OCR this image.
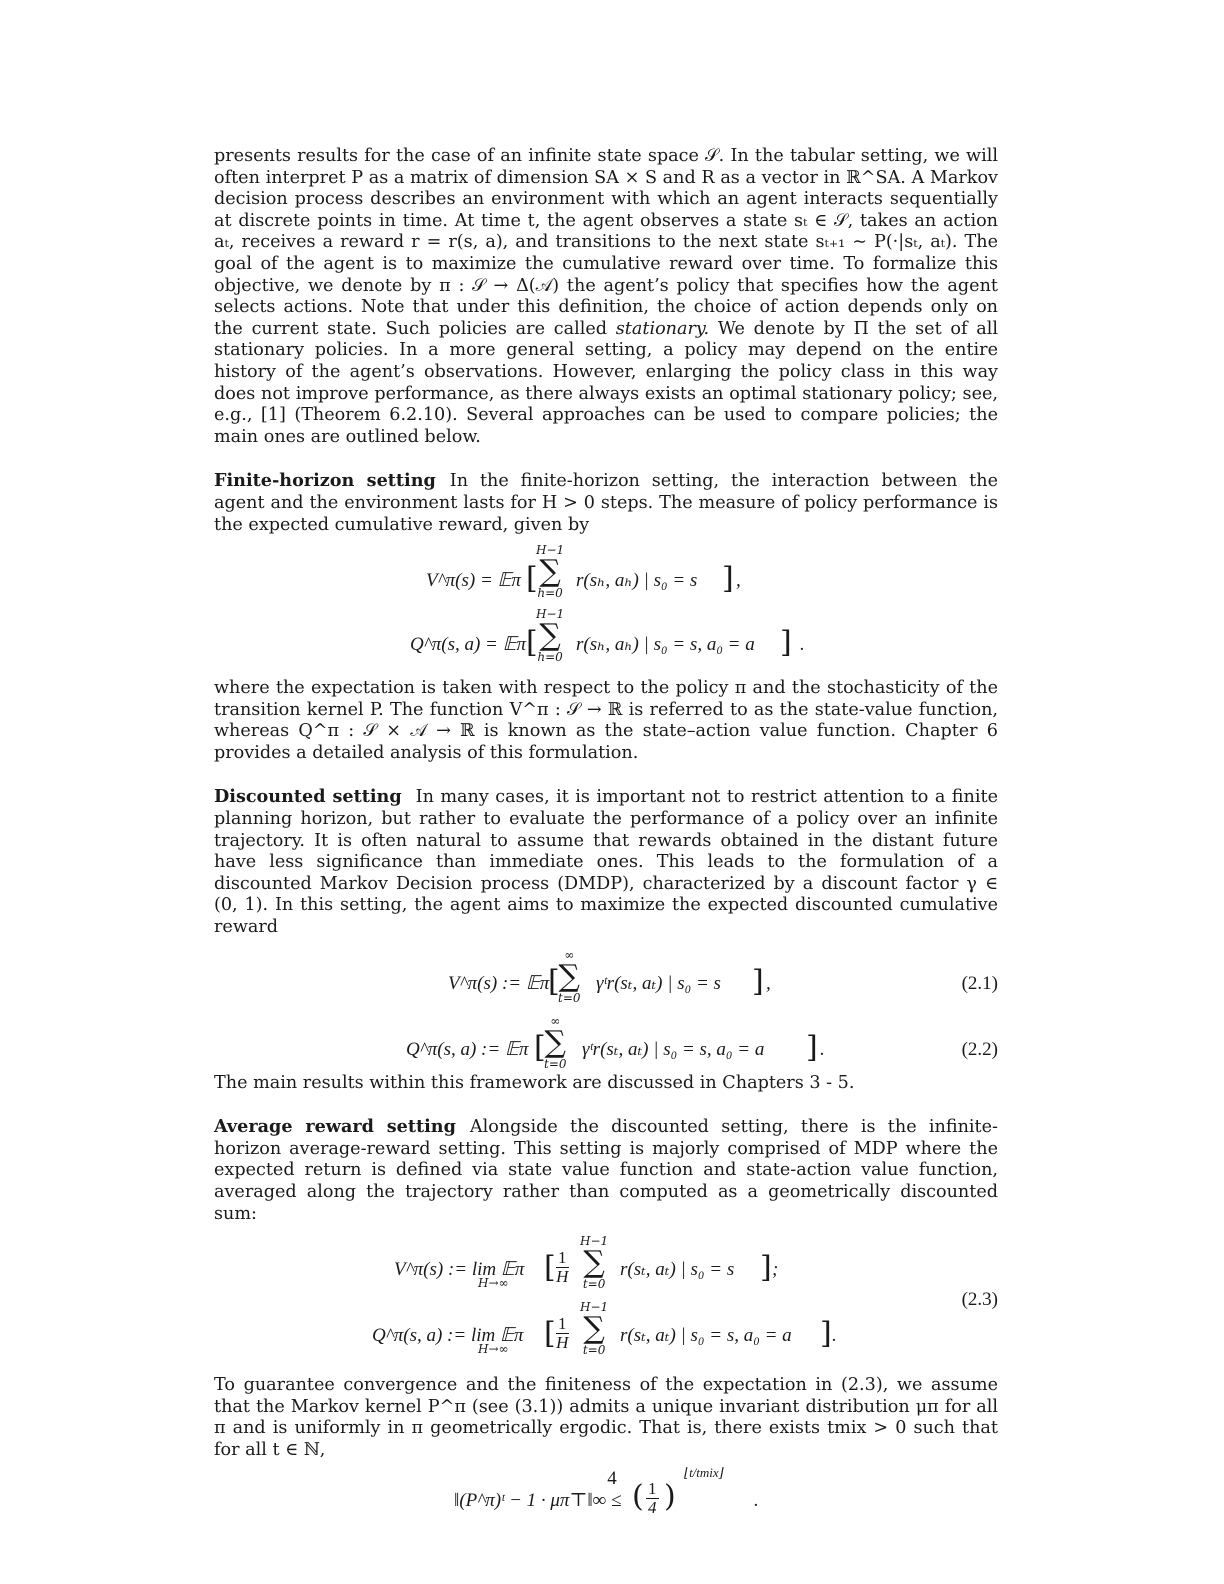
presents results for the case of an infinite state space 𝒮. In the tabular setting, we will often interpret P as a matrix of dimension SA × S and R as a vector in ℝ^SA. A Markov decision process describes an environment with which an agent interacts sequentially at discrete points in time. At time t, the agent observes a state sₜ ∈ 𝒮, takes an action aₜ, receives a reward r = r(s, a), and transitions to the next state sₜ₊₁ ∼ P(·|sₜ, aₜ). The goal of the agent is to maximize the cumulative reward over time. To formalize this objective, we denote by π : 𝒮 → Δ(𝒜) the agent’s policy that specifies how the agent selects actions. Note that under this definition, the choice of action depends only on the current state. Such policies are called stationary. We denote by Π the set of all stationary policies. In a more general setting, a policy may depend on the entire history of the agent’s observations. However, enlarging the policy class in this way does not improve performance, as there always exists an optimal stationary policy; see, e.g., [1] (Theorem 6.2.10). Several approaches can be used to compare policies; the main ones are outlined below.

Finite-horizon setting In the finite-horizon setting, the interaction between the agent and the environment lasts for H > 0 steps. The measure of policy performance is the expected cumulative reward, given by

V^π(s) = 𝔼π
H−1
∑
h=0
[ r(sₕ, aₕ) | s₀ = s ] ,
Q^π(s, a) = 𝔼π
H−1
∑
h=0
[ r(sₕ, aₕ) | s₀ = s, a₀ = a ] .

where the expectation is taken with respect to the policy π and the stochasticity of the transition kernel P. The function V^π : 𝒮 → ℝ is referred to as the state-value function, whereas Q^π : 𝒮 × 𝒜 → ℝ is known as the state–action value function. Chapter 6 provides a detailed analysis of this formulation.

Discounted setting In many cases, it is important not to restrict attention to a finite planning horizon, but rather to evaluate the performance of a policy over an infinite trajectory. It is often natural to assume that rewards obtained in the distant future have less significance than immediate ones. This leads to the formulation of a discounted Markov Decision process (DMDP), characterized by a discount factor γ ∈ (0, 1). In this setting, the agent aims to maximize the expected discounted cumulative reward

V^π(s) := 𝔼π
∞
∑
t=0
[ γᵗr(sₜ, aₜ) | s₀ = s ] ,	(2.1)
Q^π(s, a) := 𝔼π
∞
∑
t=0
[ γᵗr(sₜ, aₜ) | s₀ = s, a₀ = a ] .	(2.2)

The main results within this framework are discussed in Chapters 3 - 5.

Average reward setting Alongside the discounted setting, there is the infinite-horizon average-reward setting. This setting is majorly comprised of MDP where the expected return is defined via state value function and state-action value function, averaged along the trajectory rather than computed as a geometrically discounted sum:

V^π(s) := lim 𝔼π
H→∞ [ $\frac{1}{H}$
H−1
∑
t=0
r(sₜ, aₜ) | s₀ = s ] ;
(2.3)
Q^π(s, a) := lim 𝔼π
H→∞ [ $\frac{1}{H}$
H−1
∑
t=0
r(sₜ, aₜ) | s₀ = s, a₀ = a ] .

To guarantee convergence and the finiteness of the expectation in (2.3), we assume that the Markov kernel P^π (see (3.1)) admits a unique invariant distribution μπ for all π and is uniformly in π geometrically ergodic. That is, there exists tmix > 0 such that for all t ∈ ℕ,

‖(P^π)ᵗ − 1 · μπ⊤‖∞ ≤ ( $\frac{1}{4}$ )
⌊t/tmix⌋
.
4
